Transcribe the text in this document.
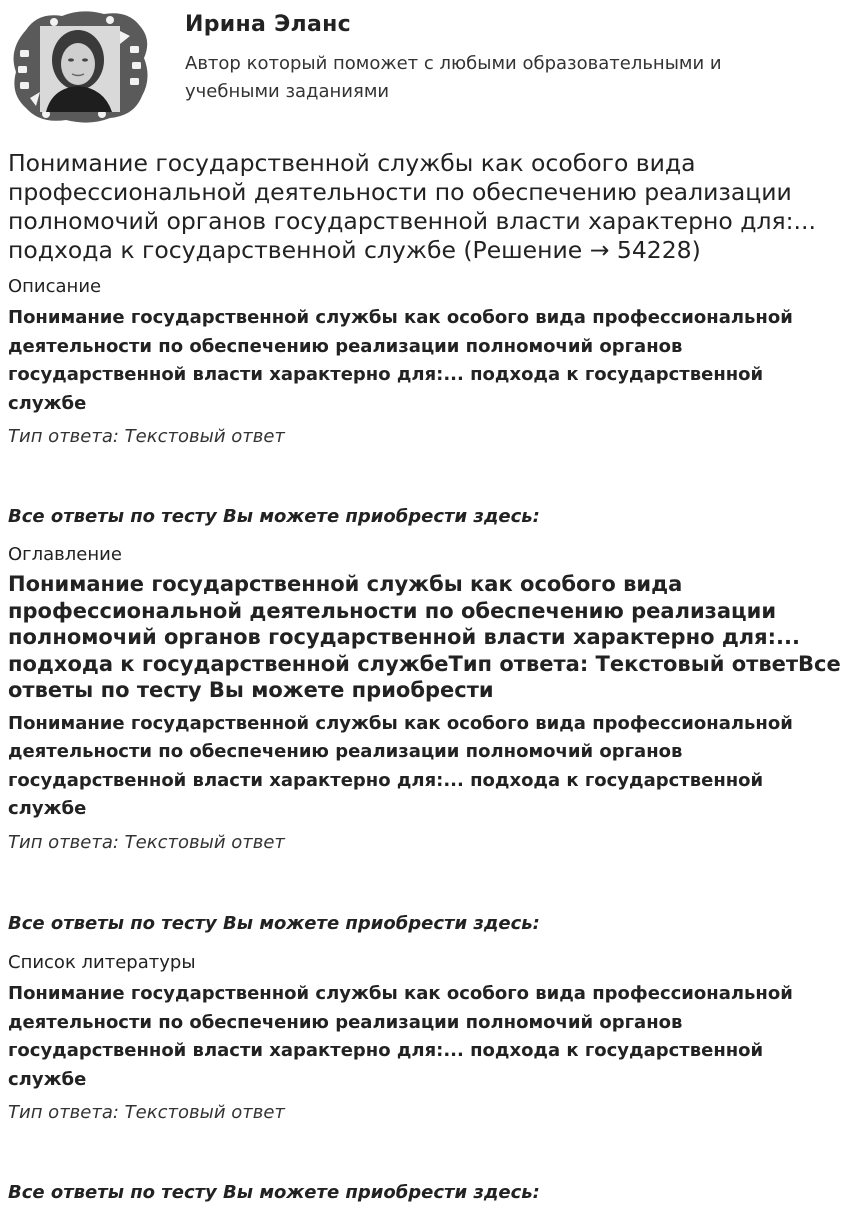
Ирина Эланс
Автор который поможет с любыми образовательными и учебными заданиями
Понимание государственной службы как особого вида профессиональной деятельности по обеспечению реализации полномочий органов государственной власти характерно для:... подхода к государственной службе (Решение → 54228)
Описание
Понимание государственной службы как особого вида профессиональной деятельности по обеспечению реализации полномочий органов государственной власти характерно для:... подхода к государственной службе
Тип ответа: Текстовый ответ
Все ответы по тесту Вы можете приобрести здесь:
Оглавление
Понимание государственной службы как особого вида профессиональной деятельности по обеспечению реализации полномочий органов государственной власти характерно для:... подхода к государственной службеТип ответа: Текстовый ответВсе ответы по тесту Вы можете приобрести
Понимание государственной службы как особого вида профессиональной деятельности по обеспечению реализации полномочий органов государственной власти характерно для:... подхода к государственной службе
Тип ответа: Текстовый ответ
Все ответы по тесту Вы можете приобрести здесь:
Список литературы
Понимание государственной службы как особого вида профессиональной деятельности по обеспечению реализации полномочий органов государственной власти характерно для:... подхода к государственной службе
Тип ответа: Текстовый ответ
Все ответы по тесту Вы можете приобрести здесь:
